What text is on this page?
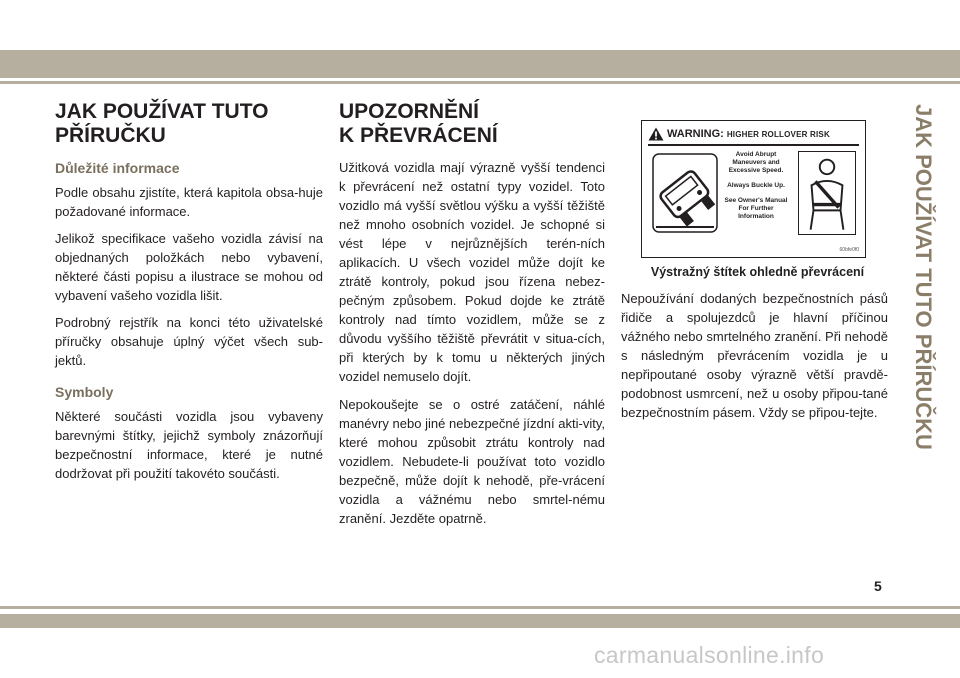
JAK POUŽÍVAT TUTO
PŘÍRUČKU
Důležité informace

Podle obsahu zjistíte, která kapitola obsa-huje požadované informace.

Jelikož specifikace vašeho vozidla závisí na objednaných položkách nebo vybavení, některé části popisu a ilustrace se mohou od vybavení vašeho vozidla lišit.

Podrobný rejstřík na konci této uživatelské příručky obsahuje úplný výčet všech sub-jektů.

Symboly

Některé součásti vozidla jsou vybaveny barevnými štítky, jejichž symboly znázorňují bezpečnostní informace, které je nutné dodržovat při použití takovéto součásti.

UPOZORNĚNÍ
K PŘEVRÁCENÍ

Užitková vozidla mají výrazně vyšší tendenci k převrácení než ostatní typy vozidel. Toto vozidlo má vyšší světlou výšku a vyšší těžiště než mnoho osobních vozidel. Je schopné si vést lépe v nejrůznějších terén-ních aplikacích. U všech vozidel může dojít ke ztrátě kontroly, pokud jsou řízena nebez-pečným způsobem. Pokud dojde ke ztrátě kontroly nad tímto vozidlem, může se z důvodu vyššího těžiště převrátit v situa-cích, při kterých by k tomu u některých jiných vozidel nemuselo dojít.

Nepokoušejte se o ostré zatáčení, náhlé manévry nebo jiné nebezpečné jízdní akti-vity, které mohou způsobit ztrátu kontroly nad vozidlem. Nebudete-li používat toto vozidlo bezpečně, může dojít k nehodě, pře-vrácení vozidla a vážnému nebo smrtel-nému zranění. Jezděte opatrně.

WARNING: HIGHER ROLLOVER RISK
Avoid Abrupt Maneuvers and Excessive Speed.
Always Buckle Up.
See Owner's Manual For Further Information
60bfe0f0
Výstražný štítek ohledně převrácení

Nepoužívání dodaných bezpečnostních pásů řidiče a spolujezdců je hlavní příčinou vážného nebo smrtelného zranění. Při nehodě s následným převrácením vozidla je u nepřipoutané osoby výrazně větší pravdě-podobnost usmrcení, než u osoby připou-tané bezpečnostním pásem. Vždy se připou-tejte.	JAK POUŽÍVAT TUTO PŘÍRUČKU
5
carmanualsonline.info
